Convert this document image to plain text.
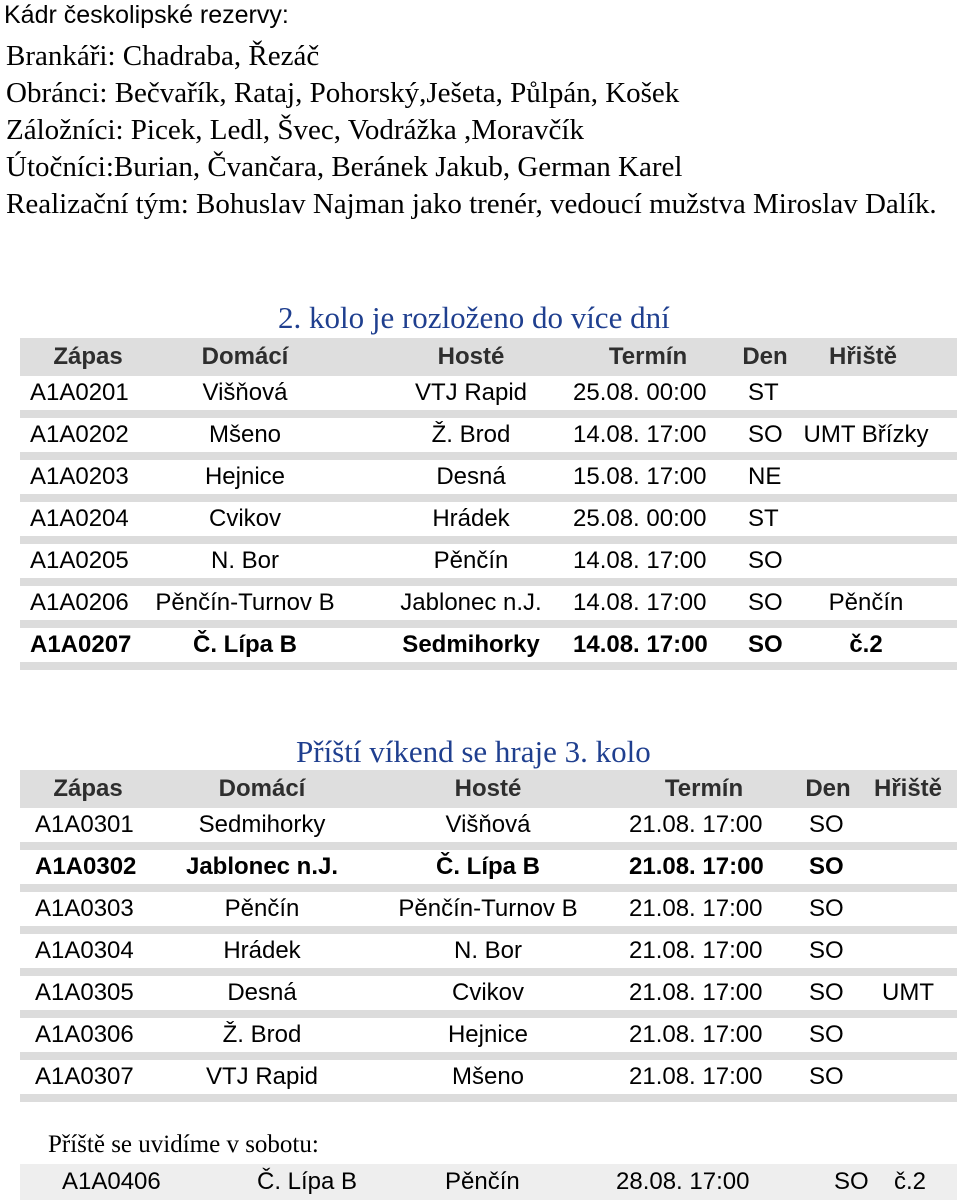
Kádr českolipské rezervy:
Brankáři: Chadraba, Řezáč
Obránci: Bečvařík, Rataj, Pohorský,Ješeta, Půlpán, Košek
Záložníci: Picek, Ledl, Švec, Vodrážka ,Moravčík
Útočníci:Burian, Čvančara, Beránek Jakub, German Karel
Realizační tým: Bohuslav Najman jako trenér, vedoucí mužstva Miroslav Dalík.
2. kolo je rozloženo do více dní
Zápas	Domácí	Hosté	Termín Den Hřiště
A1A0201	Višňová	VTJ Rapid 25.08. 00:00 ST
A1A0202	Mšeno	Ž. Brod	14.08. 17:00 SO UMT Břízky
A1A0203	Hejnice	Desná	15.08. 17:00 NE
A1A0204	Cvikov	Hrádek	25.08. 00:00 ST
A1A0205	N. Bor	Pěnčín	14.08. 17:00 SO
A1A0206 Pěnčín-Turnov B	Jablonec n.J. 14.08. 17:00 SO Pěnčín
A1A0207	Č. Lípa B	Sedmihorky 14.08. 17:00 SO	č.2
Příští víkend se hraje 3. kolo
Zápas	Domácí	Hosté	Termín	Den Hřiště
A1A0301	Sedmihorky	Višňová	21.08. 17:00 SO
A1A0302 Jablonec n.J.	Č. Lípa B	21.08. 17:00 SO
A1A0303	Pěnčín	Pěnčín-Turnov B 21.08. 17:00 SO
A1A0304	Hrádek	N. Bor	21.08. 17:00 SO
A1A0305	Desná	Cvikov	21.08. 17:00 SO UMT
A1A0306	Ž. Brod	Hejnice	21.08. 17:00 SO
A1A0307	VTJ Rapid	Mšeno	21.08. 17:00 SO
Příště se uvidíme v sobotu:
A1A0406	Č. Lípa B	Pěnčín	28.08. 17:00	SO č.2
